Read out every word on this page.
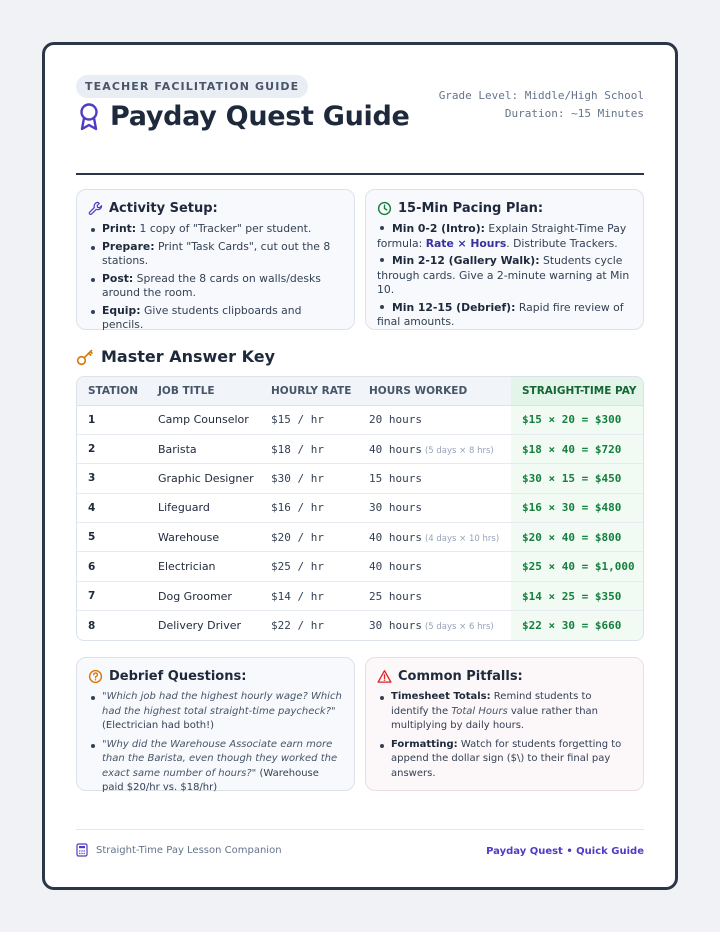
TEACHER FACILITATION GUIDE
Payday Quest Guide
Grade Level: Middle/High School
Duration: ~15 Minutes
Activity Setup:
Print: 1 copy of "Tracker" per student.
Prepare: Print "Task Cards", cut out the 8 stations.
Post: Spread the 8 cards on walls/desks around the room.
Equip: Give students clipboards and pencils.
15-Min Pacing Plan:
Min 0-2 (Intro): Explain Straight-Time Pay formula: Rate × Hours. Distribute Trackers.
Min 2-12 (Gallery Walk): Students cycle through cards. Give a 2-minute warning at Min 10.
Min 12-15 (Debrief): Rapid fire review of final amounts.
Master Answer Key
STATION	JOB TITLE	HOURLY RATE	HOURS WORKED	STRAIGHT-TIME PAY
1	Camp Counselor	$15 / hr	20 hours	$15 × 20 = $300
2	Barista	$18 / hr	40 hours (5 days × 8 hrs)	$18 × 40 = $720
3	Graphic Designer	$30 / hr	15 hours	$30 × 15 = $450
4	Lifeguard	$16 / hr	30 hours	$16 × 30 = $480
5	Warehouse	$20 / hr	40 hours (4 days × 10 hrs)	$20 × 40 = $800
6	Electrician	$25 / hr	40 hours	$25 × 40 = $1,000
7	Dog Groomer	$14 / hr	25 hours	$14 × 25 = $350
8	Delivery Driver	$22 / hr	30 hours (5 days × 6 hrs)	$22 × 30 = $660
Debrief Questions:
"Which job had the highest hourly wage? Which had the highest total straight-time paycheck?" (Electrician had both!)
"Why did the Warehouse Associate earn more than the Barista, even though they worked the exact same number of hours?" (Warehouse paid $20/hr vs. $18/hr)
Common Pitfalls:
Timesheet Totals: Remind students to identify the Total Hours value rather than multiplying by daily hours.
Formatting: Watch for students forgetting to append the dollar sign ($\) to their final pay answers.
Straight-Time Pay Lesson Companion	Payday Quest • Quick Guide
